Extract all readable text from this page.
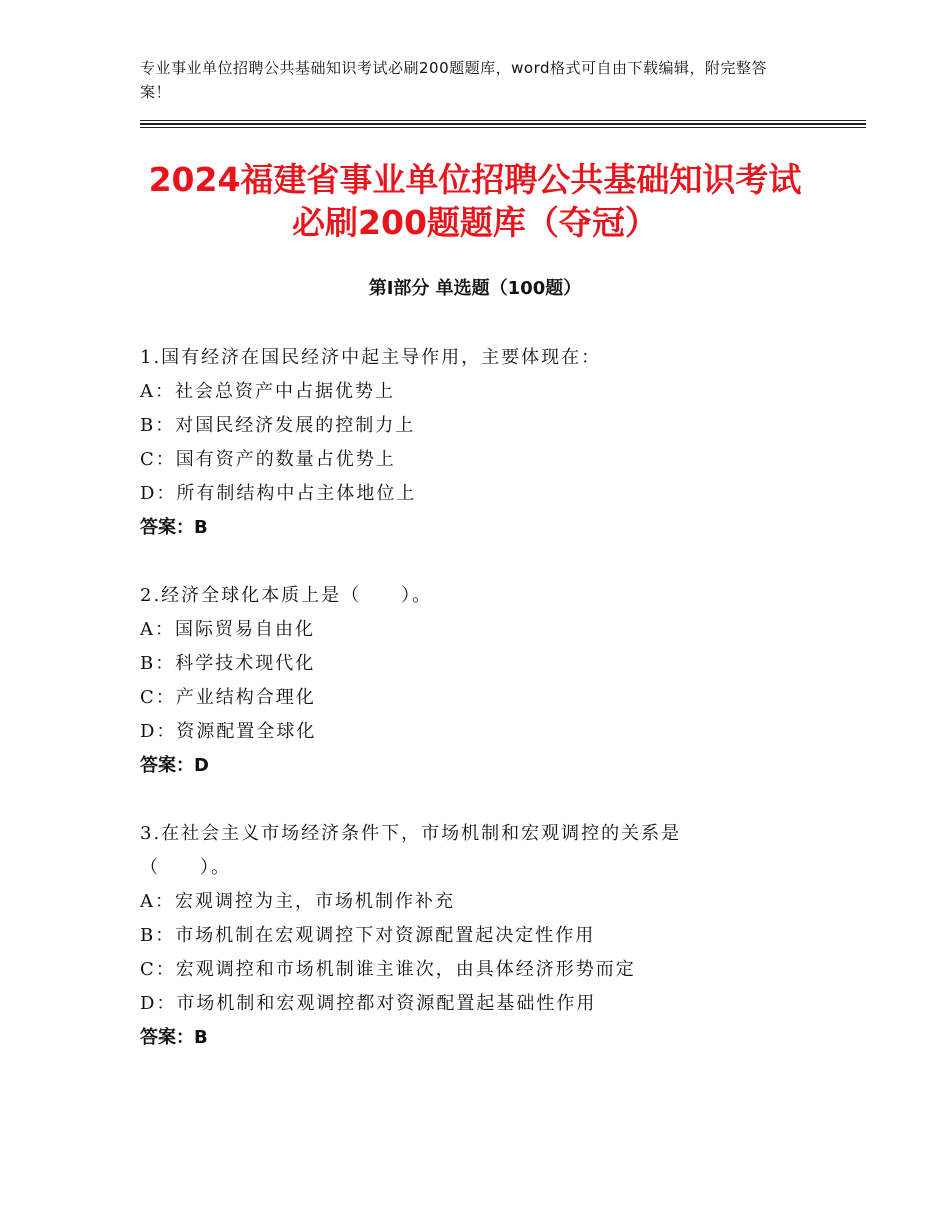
专业事业单位招聘公共基础知识考试必刷200题题库，word格式可自由下载编辑，附完整答案！
2024福建省事业单位招聘公共基础知识考试
必刷200题题库（夺冠）
第Ⅰ部分 单选题（100题）
1.国有经济在国民经济中起主导作用，主要体现在：
A：社会总资产中占据优势上
B：对国民经济发展的控制力上
C：国有资产的数量占优势上
D：所有制结构中占主体地位上
答案：B
2.经济全球化本质上是（　　）。
A：国际贸易自由化
B：科学技术现代化
C：产业结构合理化
D：资源配置全球化
答案：D
3.在社会主义市场经济条件下，市场机制和宏观调控的关系是
（　　）。
A：宏观调控为主，市场机制作补充
B：市场机制在宏观调控下对资源配置起决定性作用
C：宏观调控和市场机制谁主谁次，由具体经济形势而定
D：市场机制和宏观调控都对资源配置起基础性作用
答案：B
